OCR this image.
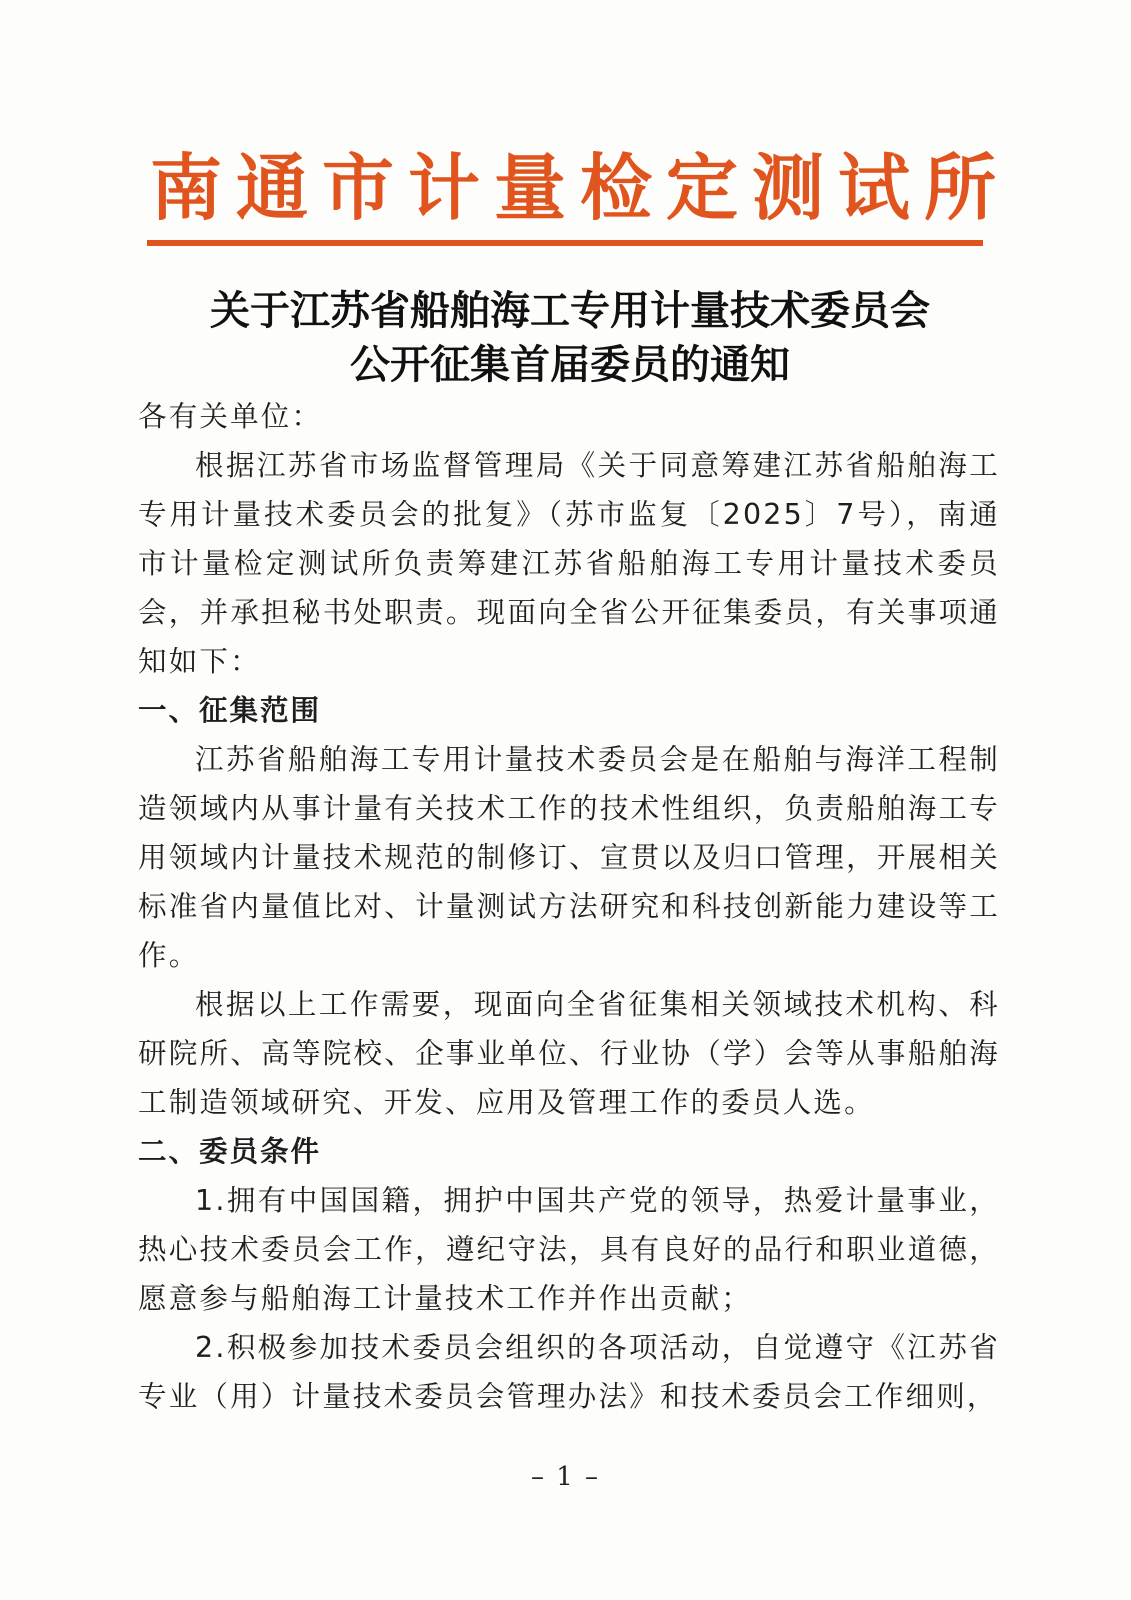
南通市计量检定测试所
关于江苏省船舶海工专用计量技术委员会
公开征集首届委员的通知

各有关单位：

根据江苏省市场监督管理局《关于同意筹建江苏省船舶海工专用计量技术委员会的批复》（苏市监复〔2025〕7号），南通市计量检定测试所负责筹建江苏省船舶海工专用计量技术委员会，并承担秘书处职责。现面向全省公开征集委员，有关事项通知如下：

一、征集范围

江苏省船舶海工专用计量技术委员会是在船舶与海洋工程制造领域内从事计量有关技术工作的技术性组织，负责船舶海工专用领域内计量技术规范的制修订、宣贯以及归口管理，开展相关标准省内量值比对、计量测试方法研究和科技创新能力建设等工作。

根据以上工作需要，现面向全省征集相关领域技术机构、科研院所、高等院校、企事业单位、行业协（学）会等从事船舶海工制造领域研究、开发、应用及管理工作的委员人选。

二、委员条件

1.拥有中国国籍，拥护中国共产党的领导，热爱计量事业，热心技术委员会工作，遵纪守法，具有良好的品行和职业道德，愿意参与船舶海工计量技术工作并作出贡献；

2.积极参加技术委员会组织的各项活动，自觉遵守《江苏省专业（用）计量技术委员会管理办法》和技术委员会工作细则，

– 1 –
